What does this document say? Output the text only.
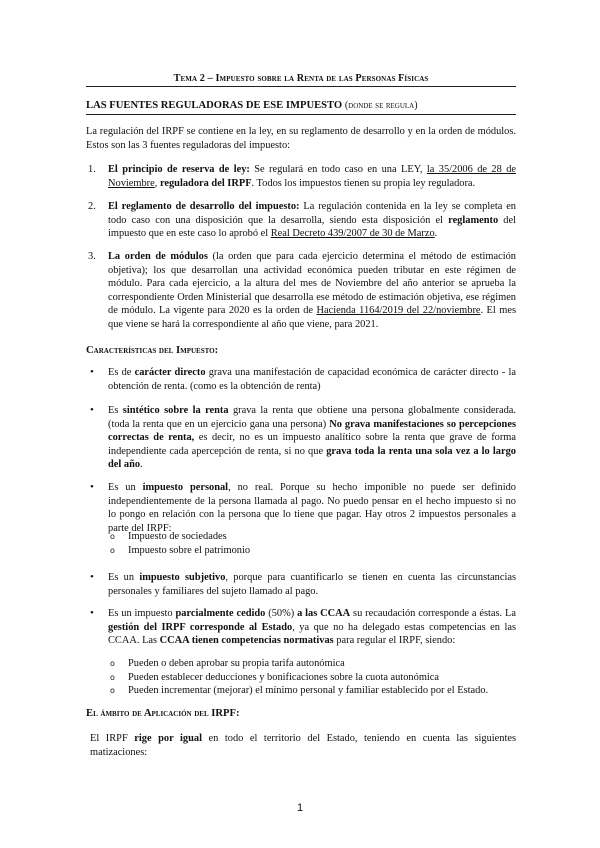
Tema 2 – Impuesto sobre la Renta de las Personas Físicas
LAS FUENTES REGULADORAS DE ESE IMPUESTO (donde se regula)
La regulación del IRPF se contiene en la ley, en su reglamento de desarrollo y en la orden de módulos. Estos son las 3 fuentes reguladoras del impuesto:
1. El principio de reserva de ley: Se regulará en todo caso en una LEY, la 35/2006 de 28 de Noviembre, reguladora del IRPF. Todos los impuestos tienen su propia ley reguladora.
2. El reglamento de desarrollo del impuesto: La regulación contenida en la ley se completa en todo caso con una disposición que la desarrolla, siendo esta disposición el reglamento del impuesto que en este caso lo aprobó el Real Decreto 439/2007 de 30 de Marzo.
3. La orden de módulos (la orden que para cada ejercicio determina el método de estimación objetiva); los que desarrollan una actividad económica pueden tributar en este régimen de módulo. Para cada ejercicio, a la altura del mes de Noviembre del año anterior se aprueba la correspondiente Orden Ministerial que desarrolla ese método de estimación objetiva, ese régimen de módulo. La vigente para 2020 es la orden de Hacienda 1164/2019 del 22/noviembre. El mes que viene se hará la correspondiente al año que viene, para 2021.
Características del Impuesto:
• Es de carácter directo grava una manifestación de capacidad económica de carácter directo - la obtención de renta. (como es la obtención de renta)
• Es sintético sobre la renta grava la renta que obtiene una persona globalmente considerada. (toda la renta que en un ejercicio gana una persona) No grava manifestaciones so percepciones correctas de renta, es decir, no es un impuesto analítico sobre la renta que grave de forma independiente cada apercepción de renta, si no que grava toda la renta una sola vez a lo largo del año.
• Es un impuesto personal, no real. Porque su hecho imponible no puede ser definido independientemente de la persona llamada al pago. No puedo pensar en el hecho impuesto si no lo pongo en relación con la persona que lo tiene que pagar. Hay otros 2 impuestos personales a parte del IRPF:
o Impuesto de sociedades
o Impuesto sobre el patrimonio
• Es un impuesto subjetivo, porque para cuantificarlo se tienen en cuenta las circunstancias personales y familiares del sujeto llamado al pago.
• Es un impuesto parcialmente cedido (50%) a las CCAA su recaudación corresponde a éstas. La gestión del IRPF corresponde al Estado, ya que no ha delegado estas competencias en las CCAA. Las CCAA tienen competencias normativas para regular el IRPF, siendo:
o Pueden o deben aprobar su propia tarifa autonómica
o Pueden establecer deducciones y bonificaciones sobre la cuota autonómica
o Pueden incrementar (mejorar) el mínimo personal y familiar establecido por el Estado.
El ámbito de Aplicación del IRPF:
El IRPF rige por igual en todo el territorio del Estado, teniendo en cuenta las siguientes matizaciones:
1
